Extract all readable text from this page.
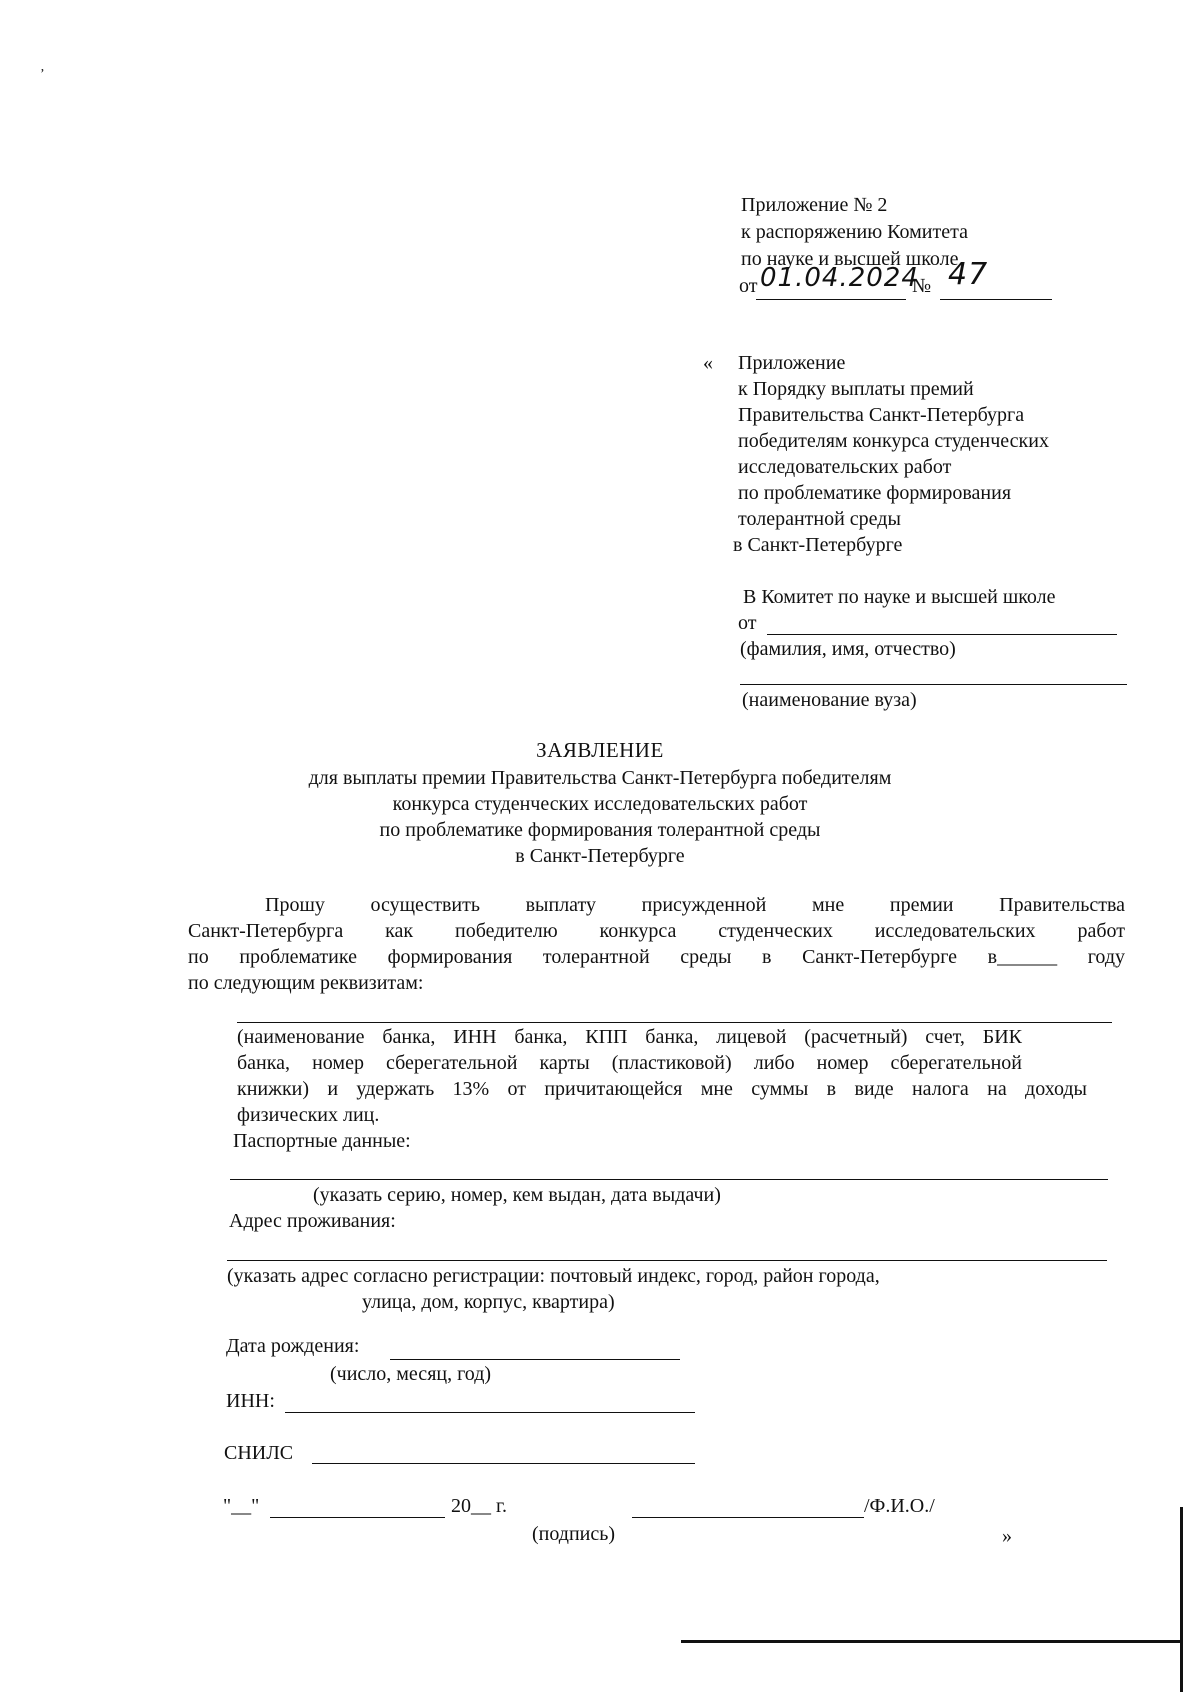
ʼ
Приложение № 2
к распоряжению Комитета
по науке и высшей школе
от 01.04.2024
№ 47
« Приложение
к Порядку выплаты премий
Правительства Санкт-Петербурга
победителям конкурса студенческих
исследовательских работ
по проблематике формирования
толерантной среды
в Санкт-Петербурге
В Комитет по науке и высшей школе
от
(фамилия, имя, отчество)
(наименование вуза)
ЗАЯВЛЕНИЕ
для выплаты премии Правительства Санкт-Петербурга победителям
конкурса студенческих исследовательских работ
по проблематике формирования толерантной среды
в Санкт-Петербурге
Прошу осуществить выплату присужденной мне премии Правительства
Санкт-Петербурга как победителю конкурса студенческих исследовательских работ
по проблематике формирования толерантной среды в Санкт-Петербурге в______ году
по следующим реквизитам:
(наименование банка, ИНН банка, КПП банка, лицевой (расчетный) счет, БИК
банка, номер сберегательной карты (пластиковой) либо номер сберегательной
книжки) и удержать 13% от причитающейся мне суммы в виде налога на доходы
физических лиц.
Паспортные данные:
(указать серию, номер, кем выдан, дата выдачи)
Адрес проживания:
(указать адрес согласно регистрации: почтовый индекс, город, район города,
улица, дом, корпус, квартира)
Дата рождения:
(число, месяц, год)
ИНН:
СНИЛС
"__"	20__ г.	/Ф.И.О./
(подпись)	»
